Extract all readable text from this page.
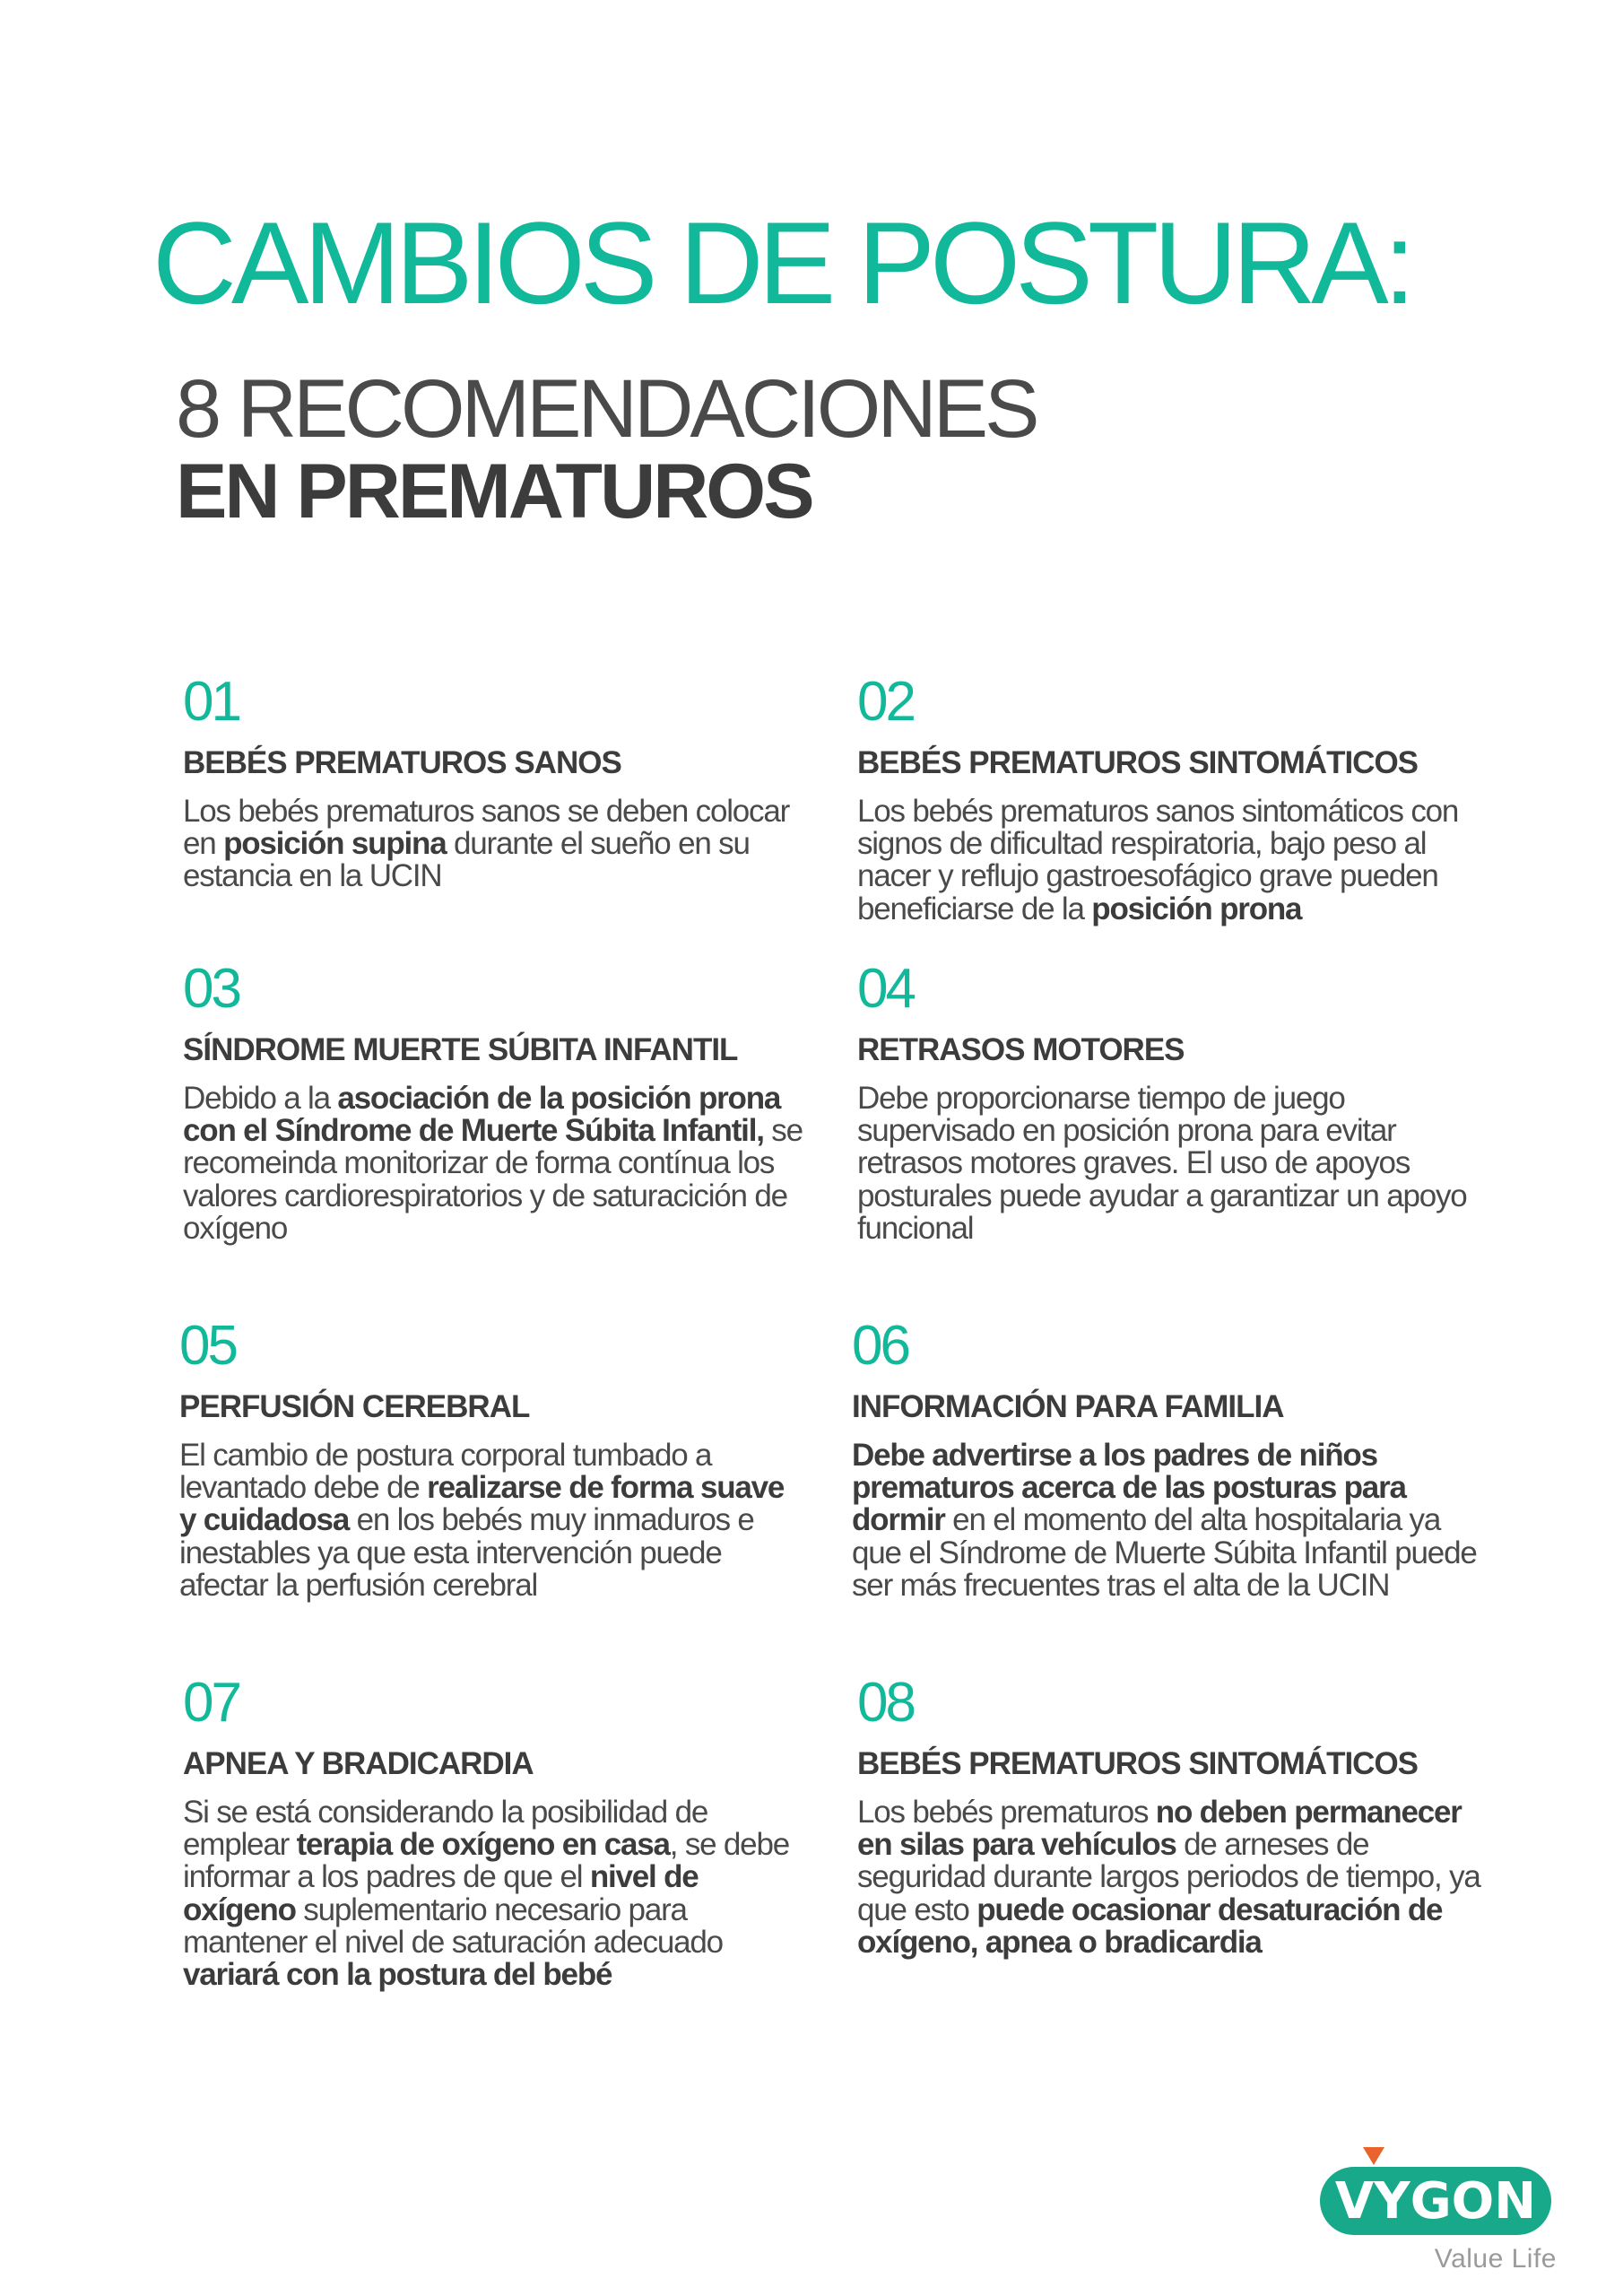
CAMBIOS DE POSTURA:
8 RECOMENDACIONES
EN PREMATUROS
01
BEBÉS PREMATUROS SANOS
Los bebés prematuros sanos se deben colocar en posición supina durante el sueño en su estancia en la UCIN
02
BEBÉS PREMATUROS SINTOMÁTICOS
Los bebés prematuros sanos sintomáticos con signos de dificultad respiratoria, bajo peso al nacer y reflujo gastroesofágico grave pueden beneficiarse de la posición prona
03
SÍNDROME MUERTE SÚBITA INFANTIL
Debido a la asociación de la posición prona con el Síndrome de Muerte Súbita Infantil, se recomeinda monitorizar de forma contínua los valores cardiorespiratorios y de saturacición de oxígeno
04
RETRASOS MOTORES
Debe proporcionarse tiempo de juego supervisado en posición prona para evitar retrasos motores graves. El uso de apoyos posturales puede ayudar a garantizar un apoyo funcional
05
PERFUSIÓN CEREBRAL
El cambio de postura corporal tumbado a levantado debe de realizarse de forma suave y cuidadosa en los bebés muy inmaduros e inestables ya que esta intervención puede afectar la perfusión cerebral
06
INFORMACIÓN PARA FAMILIA
Debe advertirse a los padres de niños prematuros acerca de las posturas para dormir en el momento del alta hospitalaria ya que el Síndrome de Muerte Súbita Infantil puede ser más frecuentes tras el alta de la UCIN
07
APNEA Y BRADICARDIA
Si se está considerando la posibilidad de emplear terapia de oxígeno en casa, se debe informar a los padres de que el nivel de oxígeno suplementario necesario para mantener el nivel de saturación adecuado variará con la postura del bebé
08
BEBÉS PREMATUROS SINTOMÁTICOS
Los bebés prematuros no deben permanecer en silas para vehículos de arneses de seguridad durante largos periodos de tiempo, ya que esto puede ocasionar desaturación de oxígeno, apnea o bradicardia
VYGON
Value Life
